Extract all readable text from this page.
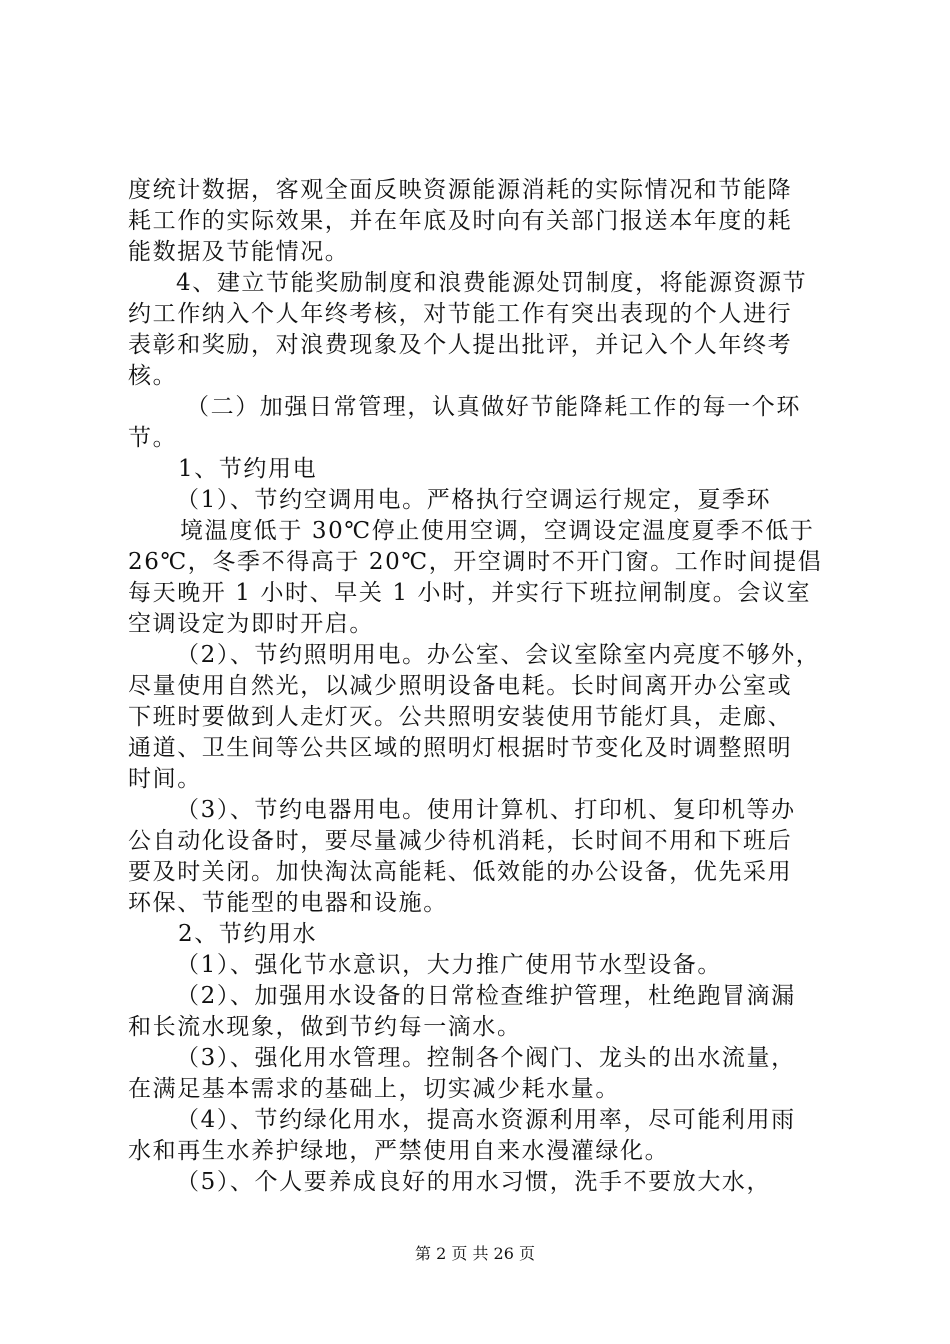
度统计数据，客观全面反映资源能源消耗的实际情况和节能降
耗工作的实际效果，并在年底及时向有关部门报送本年度的耗
能数据及节能情况。
4、建立节能奖励制度和浪费能源处罚制度，将能源资源节
约工作纳入个人年终考核，对节能工作有突出表现的个人进行
表彰和奖励，对浪费现象及个人提出批评，并记入个人年终考
核。
（二）加强日常管理，认真做好节能降耗工作的每一个环
节。
1、节约用电
（1）、节约空调用电。严格执行空调运行规定，夏季环
境温度低于 30℃停止使用空调，空调设定温度夏季不低于
26℃，冬季不得高于 20℃，开空调时不开门窗。工作时间提倡
每天晚开 1 小时、早关 1 小时，并实行下班拉闸制度。会议室
空调设定为即时开启。
（2）、节约照明用电。办公室、会议室除室内亮度不够外，
尽量使用自然光，以减少照明设备电耗。长时间离开办公室或
下班时要做到人走灯灭。公共照明安装使用节能灯具，走廊、
通道、卫生间等公共区域的照明灯根据时节变化及时调整照明
时间。
（3）、节约电器用电。使用计算机、打印机、复印机等办
公自动化设备时，要尽量减少待机消耗，长时间不用和下班后
要及时关闭。加快淘汰高能耗、低效能的办公设备，优先采用
环保、节能型的电器和设施。
2、节约用水
（1）、强化节水意识，大力推广使用节水型设备。
（2）、加强用水设备的日常检查维护管理，杜绝跑冒滴漏
和长流水现象，做到节约每一滴水。
（3）、强化用水管理。控制各个阀门、龙头的出水流量，
在满足基本需求的基础上，切实减少耗水量。
（4）、节约绿化用水，提高水资源利用率，尽可能利用雨
水和再生水养护绿地，严禁使用自来水漫灌绿化。
（5）、个人要养成良好的用水习惯，洗手不要放大水，
第 2 页 共 26 页
